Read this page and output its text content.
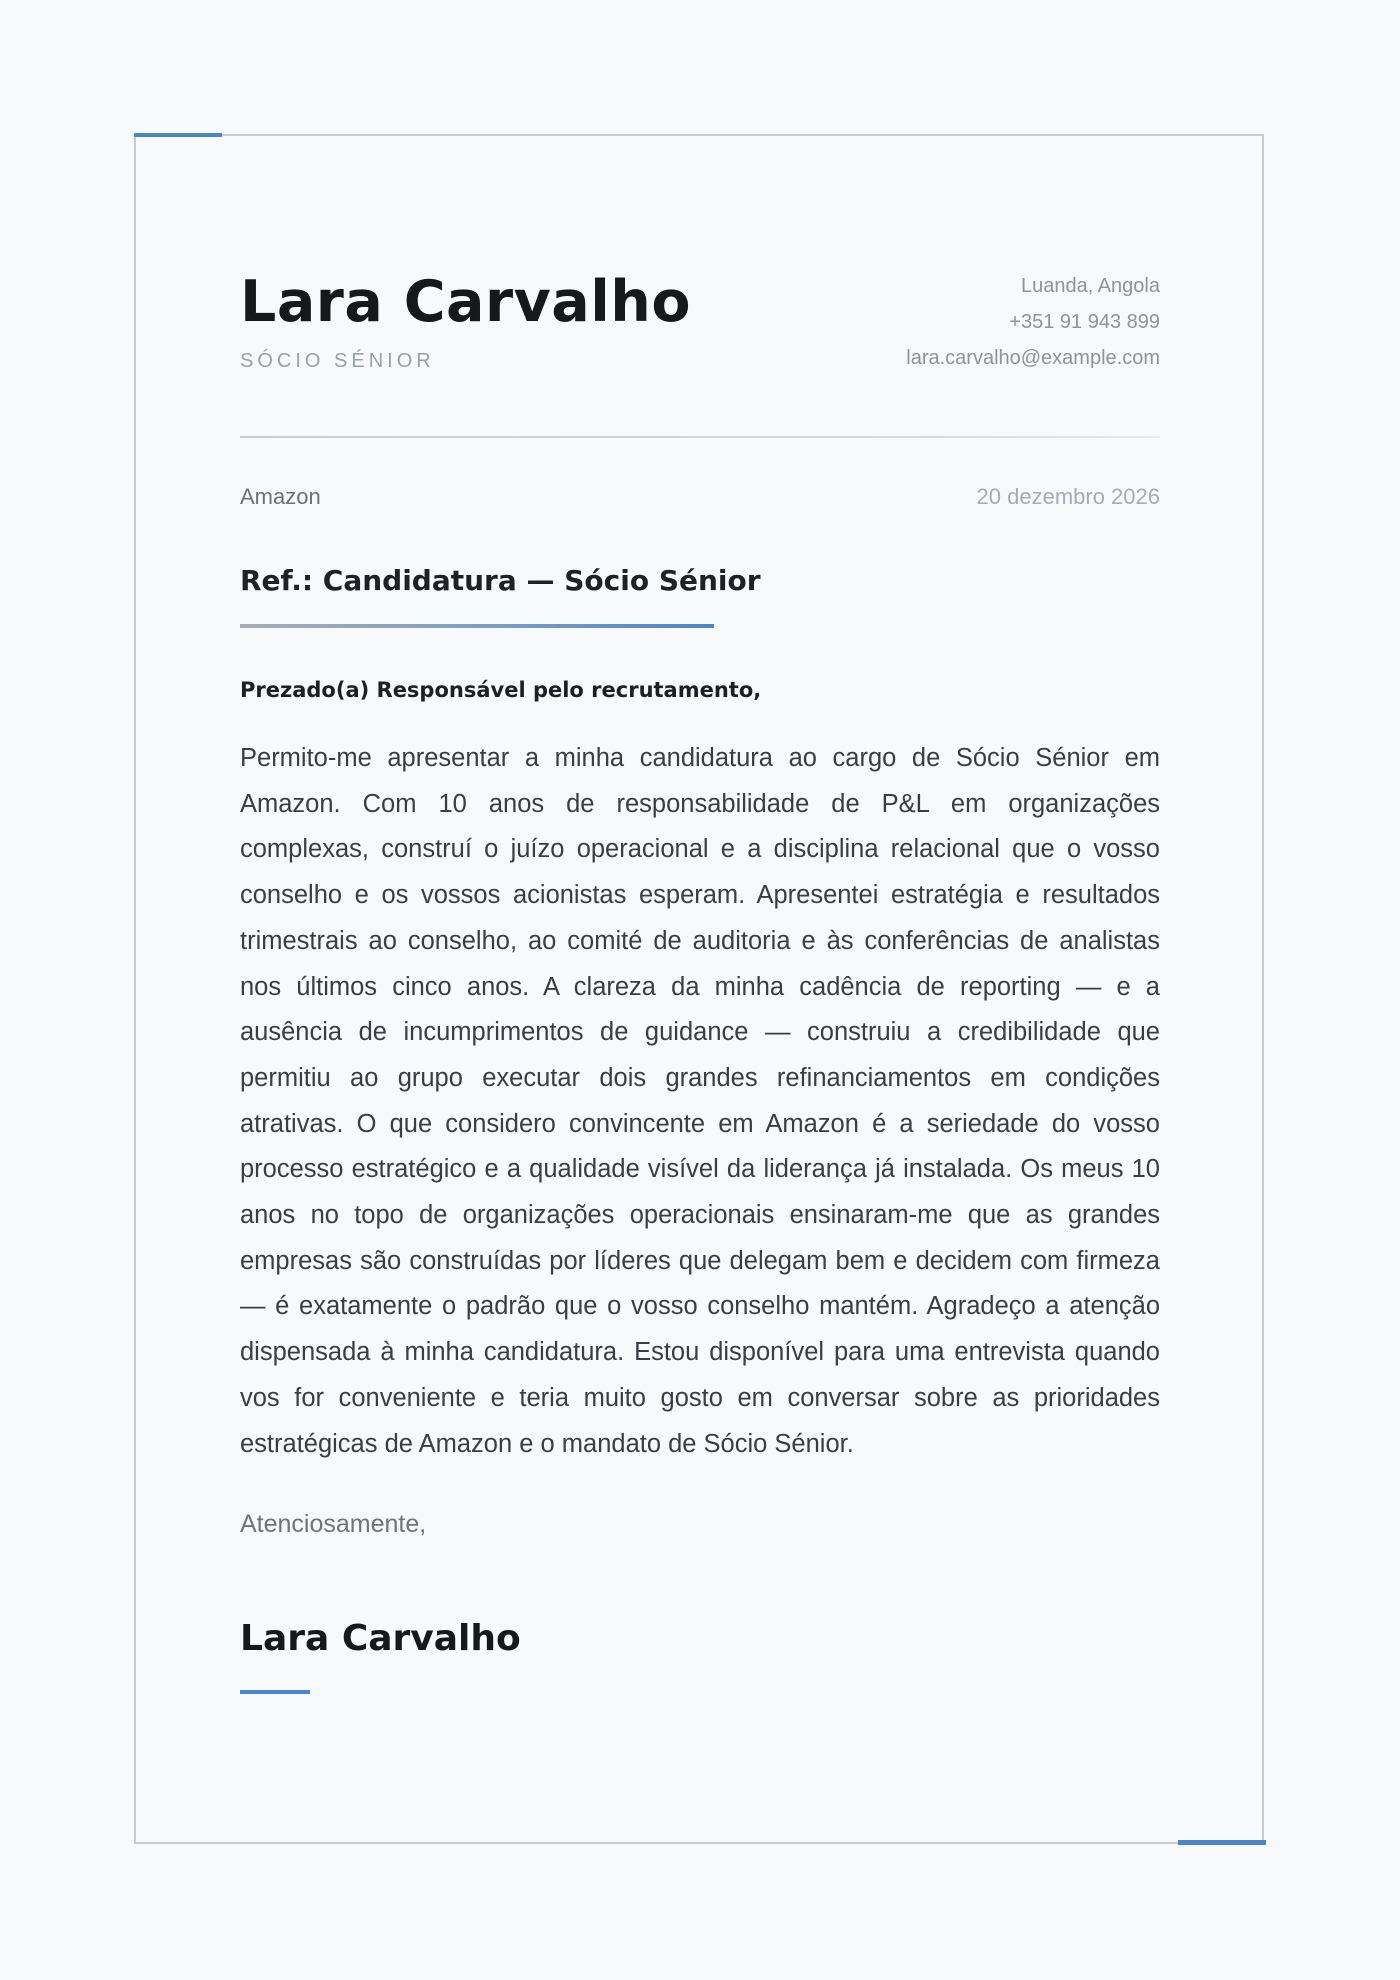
Lara Carvalho
SÓCIO SÉNIOR
Luanda, Angola
+351 91 943 899
lara.carvalho@example.com
Amazon	20 dezembro 2026
Ref.: Candidatura — Sócio Sénior
Prezado(a) Responsável pelo recrutamento,

Permito-me apresentar a minha candidatura ao cargo de Sócio Sénior em Amazon. Com 10 anos de responsabilidade de P&L em organizações complexas, construí o juízo operacional e a disciplina relacional que o vosso conselho e os vossos acionistas esperam. Apresentei estratégia e resultados trimestrais ao conselho, ao comité de auditoria e às conferências de analistas nos últimos cinco anos. A clareza da minha cadência de reporting — e a ausência de incumprimentos de guidance — construiu a credibilidade que permitiu ao grupo executar dois grandes refinanciamentos em condições atrativas. O que considero convincente em Amazon é a seriedade do vosso processo estratégico e a qualidade visível da liderança já instalada. Os meus 10 anos no topo de organizações operacionais ensinaram-me que as grandes empresas são construídas por líderes que delegam bem e decidem com firmeza — é exatamente o padrão que o vosso conselho mantém. Agradeço a atenção dispensada à minha candidatura. Estou disponível para uma entrevista quando vos for conveniente e teria muito gosto em conversar sobre as prioridades estratégicas de Amazon e o mandato de Sócio Sénior.

Atenciosamente,
Lara Carvalho
